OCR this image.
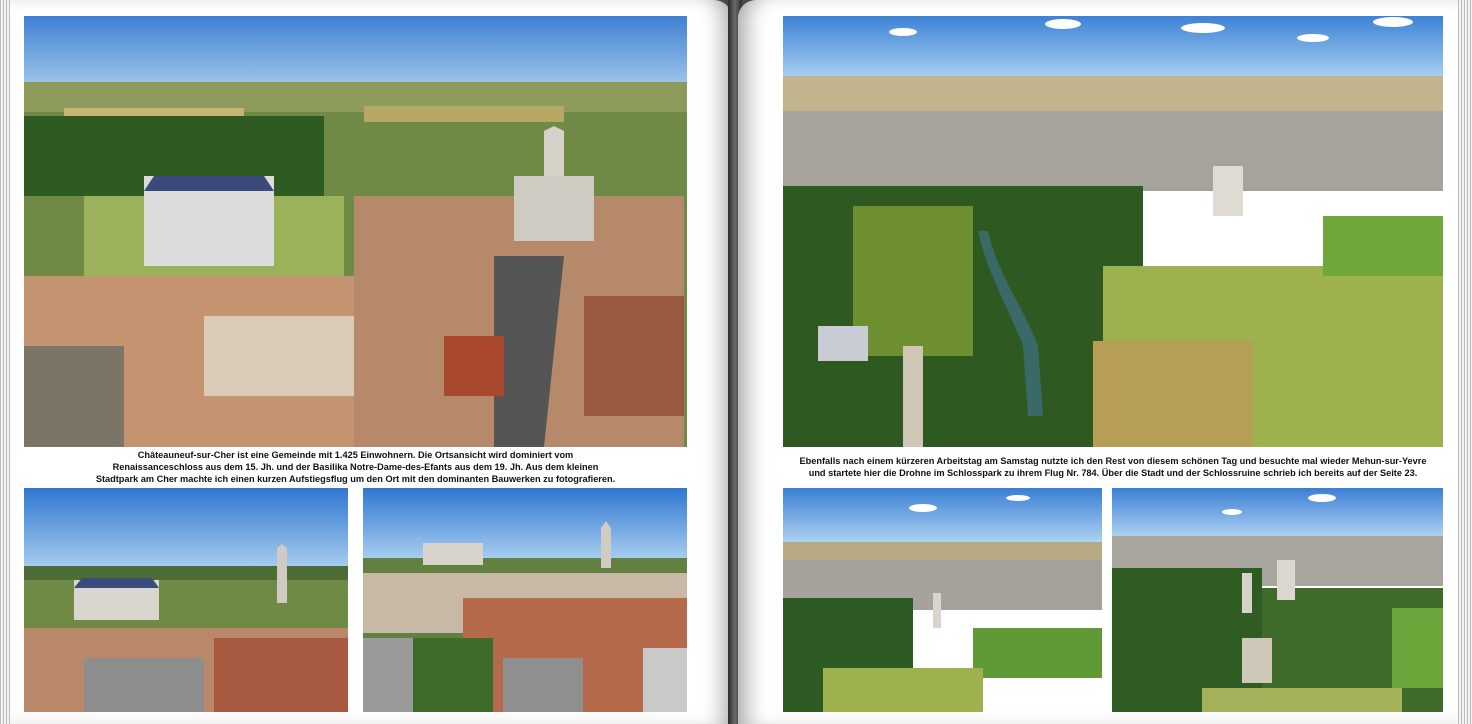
Châteauneuf-sur-Cher ist eine Gemeinde mit 1.425 Einwohnern. Die Ortsansicht wird dominiert vom
Renaissanceschloss aus dem 15. Jh. und der Basilika Notre-Dame-des-Efants aus dem 19. Jh. Aus dem kleinen
Stadtpark am Cher machte ich einen kurzen Aufstiegsflug um den Ort mit den dominanten Bauwerken zu fotografieren.
Ebenfalls nach einem kürzeren Arbeitstag am Samstag nutzte ich den Rest von diesem schönen Tag und besuchte mal wieder Mehun-sur-Yevre
und startete hier die Drohne im Schlosspark zu ihrem Flug Nr. 784. Über die Stadt und der Schlossruine schrieb ich bereits auf der Seite 23.
